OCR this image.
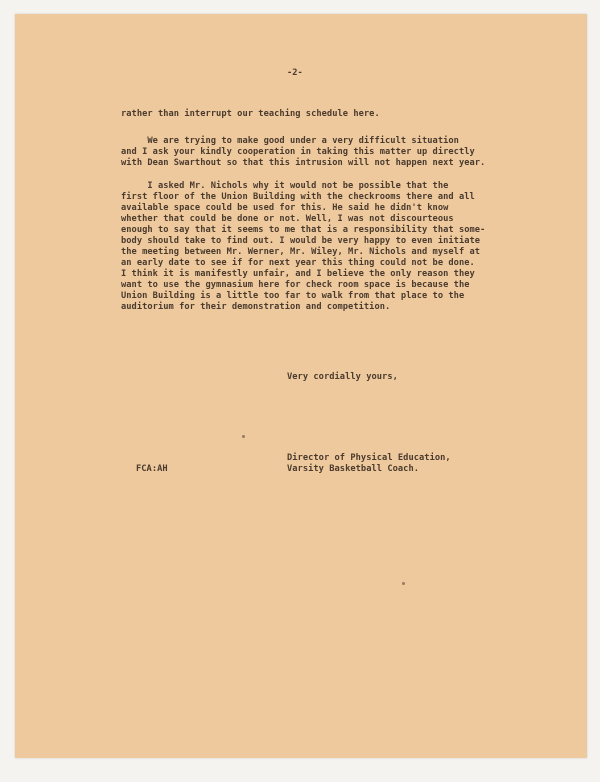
-2-
rather than interrupt our teaching schedule here.
We are trying to make good under a very difficult situation
and I ask your kindly cooperation in taking this matter up directly
with Dean Swarthout so that this intrusion will not happen next year.
I asked Mr. Nichols why it would not be possible that the
first floor of the Union Building with the checkrooms there and all
available space could be used for this. He said he didn't know
whether that could be done or not. Well, I was not discourteous
enough to say that it seems to me that is a responsibility that some-
body should take to find out. I would be very happy to even initiate
the meeting between Mr. Werner, Mr. Wiley, Mr. Nichols and myself at
an early date to see if for next year this thing could not be done.
I think it is manifestly unfair, and I believe the only reason they
want to use the gymnasium here for check room space is because the
Union Building is a little too far to walk from that place to the
auditorium for their demonstration and competition.
Very cordially yours,
Director of Physical Education,
Varsity Basketball Coach.
FCA:AH
